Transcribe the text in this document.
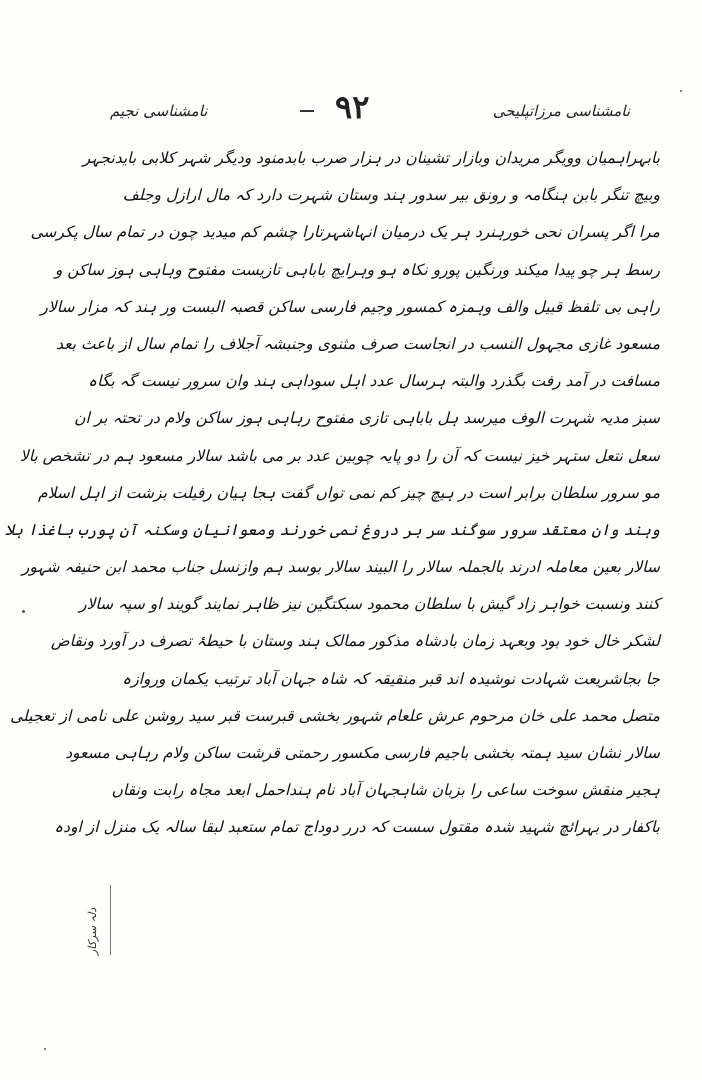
نامشناسی مرزاتپلیحی
۹۲
نامشناسی نجیم
بابہراہمیان وویگر مریدان وبازار تشینان در ہزار صرب بابدمنود ودیگر شہر کلابی بایدنجہر
وبیچ تنگر بابن ہنگامہ و رونق بیر سدور ہند وستان شہرت دارد کہ مال ارازل وجلف
مرا اگر پسران نحی خورہنرد ہر یک درمیان انہاشہرتارا چشم کم میدید چون در تمام سال پکرسی
رسط ہر چو پیدا میکند ورنگین پورو نکاہ ہو وہرایچ باباہی تازیست مفتوح وہاہی ہوز ساکن و
راہی بی تلفظ قبیل والف وہمزہ کمسور وجیم فارسی ساکن قصبہ البست ور ہند کہ مزار سالار
مسعود غازی مجہول النسب در انجاست صرف مثنوی وجنبشہ آجلاف را تمام سال از باعث بعد
مسافت در آمد رفت بگذرد والبتہ ہرسال عدد اہل سوداہی ہند وان سرور نیست گہ بگاہ
سبز مدیہ شہرت الوف میرسد ہل باباہی تازی مفتوح رہاہی ہوز ساکن ولام در تحتہ بر ان
سعل نتعل ستہر خیز نیست کہ آن را دو پایہ چوبین عدد بر می باشد سالار مسعود ہم در تشخص بالا
مو سرور سلطان برابر است در ہیچ چیز کم نمی تواں گفت ہجا ہیان رفیلت بزشت از اہل اسلام
وہند وان معتقد سرور سوگند سر بر دروغ نمی خورند ومعوانیان وسکنہ آن پورب باغذا ہلا
سالار بعین معاملہ ادرند بالجملہ سالار را البیند سالار بوسد ہم وازنسل جناب محمد ابن حنیفہ شہور
کنند ونسبت خواہر زاد گیش با سلطان محمود سبکتگین نیز ظاہر نمایند گویند او سپہ سالار
لشکر خال خود بود وبعہد زمان بادشاہ مذکور ممالک ہند وستان با حیطۂ تصرف در آورد ونقاض
جا بجاشریعت شہادت نوشیدہ اند قبر منقیقہ کہ شاہ جہان آباد ترتیب یکمان وروازہ
متصل محمد علی خان مرحوم عرش علعام شہور بخشی قبرست قبر سید روشن علی نامی از تعجیلی
سالار نشان سید ہمتہ بخشی باجیم فارسی مکسور رحمتی قرشت ساکن ولام رہاہی مسعود
ہجیر منقش سوخت ساعی را بزبان شاہجہان آباد نام ہنداحمل ابعد مجاہ رابت ونقاں
باکفار در بہرائچ شہید شدہ مقتول سست کہ درر دوداج تمام ستعبد لبقا سالہ یک منزل از اودہ
دلہ سرکار
